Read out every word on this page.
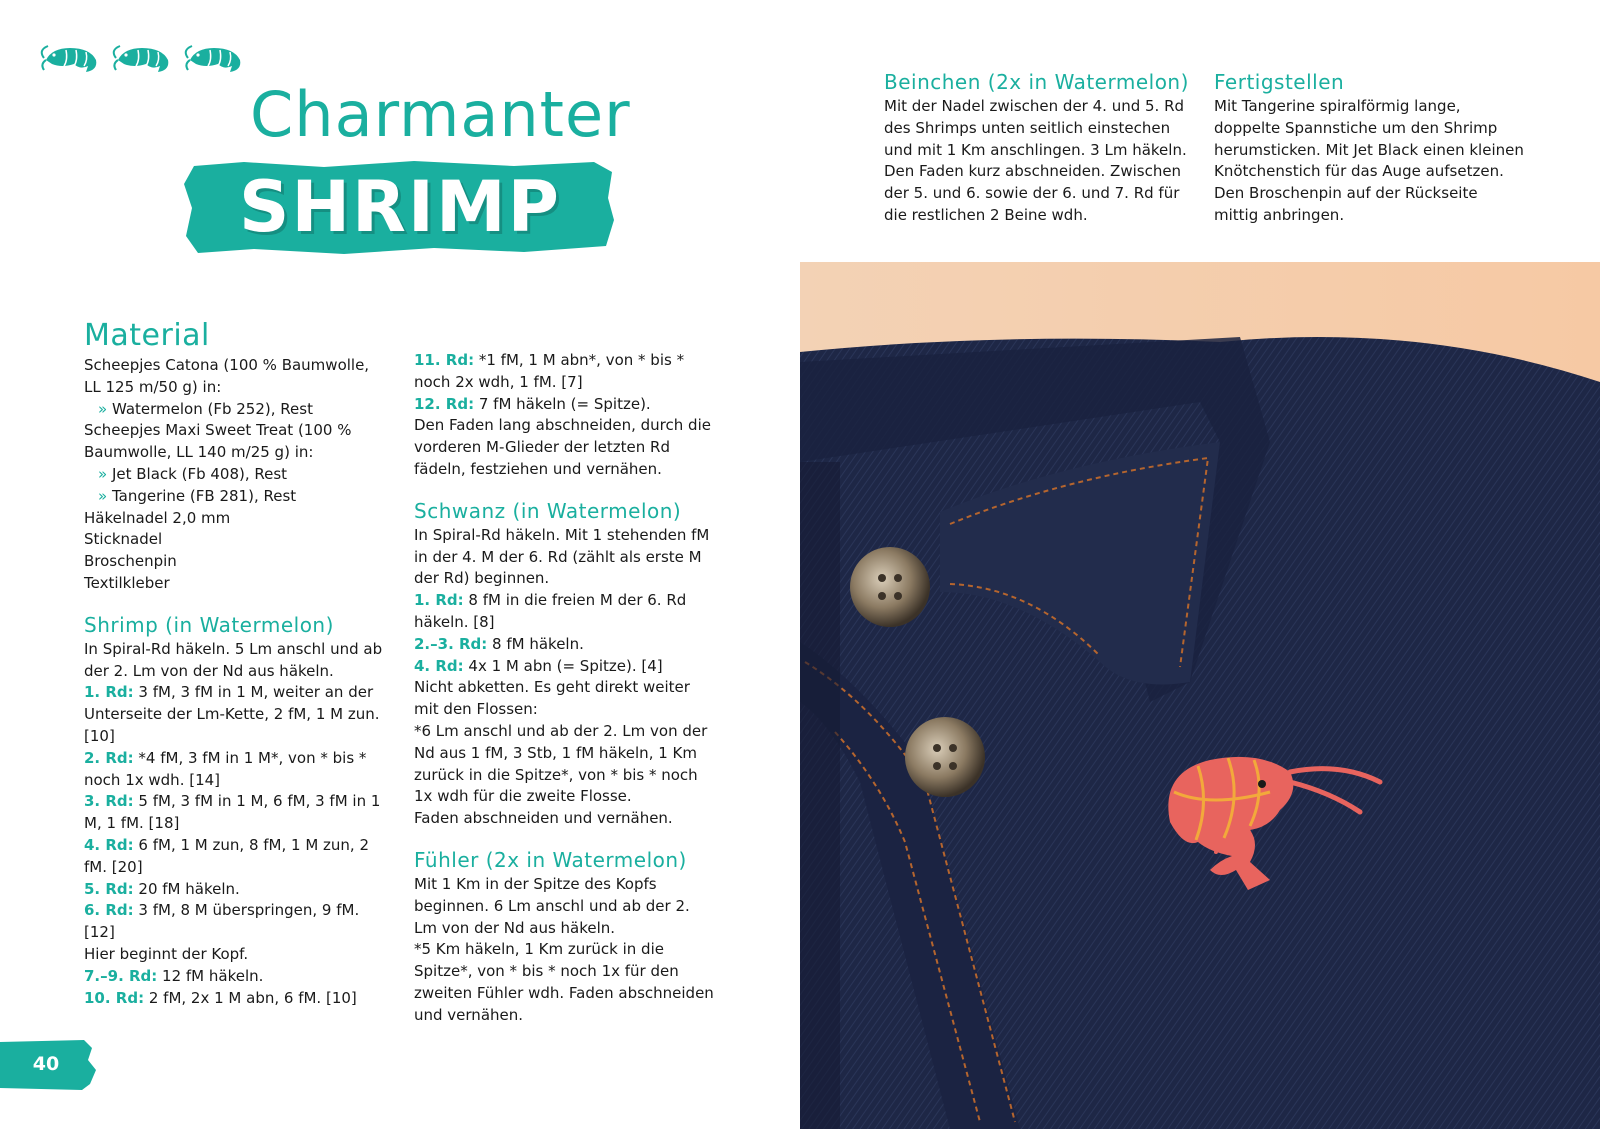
Charmanter
SHRIMP
Material

Scheepjes Catona (100 % Baumwolle, LL 125 m/50 g) in:

» Watermelon (Fb 252), Rest

Scheepjes Maxi Sweet Treat (100 % Baumwolle, LL 140 m/25 g) in:

» Jet Black (Fb 408), Rest

» Tangerine (FB 281), Rest

Häkelnadel 2,0 mm

Sticknadel

Broschenpin

Textilkleber

Shrimp (in Watermelon)

In Spiral-Rd häkeln. 5 Lm anschl und ab der 2. Lm von der Nd aus häkeln.

1. Rd: 3 fM, 3 fM in 1 M, weiter an der Unterseite der Lm-Kette, 2 fM, 1 M zun. [10]

2. Rd: *4 fM, 3 fM in 1 M*, von * bis * noch 1x wdh. [14]

3. Rd: 5 fM, 3 fM in 1 M, 6 fM, 3 fM in 1 M, 1 fM. [18]

4. Rd: 6 fM, 1 M zun, 8 fM, 1 M zun, 2 fM. [20]

5. Rd: 20 fM häkeln.

6. Rd: 3 fM, 8 M überspringen, 9 fM. [12]

Hier beginnt der Kopf.

7.–9. Rd: 12 fM häkeln.

10. Rd: 2 fM, 2x 1 M abn, 6 fM. [10]

11. Rd: *1 fM, 1 M abn*, von * bis * noch 2x wdh, 1 fM. [7]

12. Rd: 7 fM häkeln (= Spitze).

Den Faden lang abschneiden, durch die vorderen M-Glieder der letzten Rd fädeln, festziehen und vernähen.

Schwanz (in Watermelon)

In Spiral-Rd häkeln. Mit 1 stehenden fM in der 4. M der 6. Rd (zählt als erste M der Rd) beginnen.

1. Rd: 8 fM in die freien M der 6. Rd häkeln. [8]

2.–3. Rd: 8 fM häkeln.

4. Rd: 4x 1 M abn (= Spitze). [4]

Nicht abketten. Es geht direkt weiter mit den Flossen:

*6 Lm anschl und ab der 2. Lm von der Nd aus 1 fM, 3 Stb, 1 fM häkeln, 1 Km zurück in die Spitze*, von * bis * noch 1x wdh für die zweite Flosse.

Faden abschneiden und vernähen.

Fühler (2x in Watermelon)

Mit 1 Km in der Spitze des Kopfs beginnen. 6 Lm anschl und ab der 2. Lm von der Nd aus häkeln.

*5 Km häkeln, 1 Km zurück in die Spitze*, von * bis * noch 1x für den zweiten Fühler wdh. Faden abschneiden und vernähen.

Beinchen (2x in Watermelon)

Mit der Nadel zwischen der 4. und 5. Rd des Shrimps unten seitlich einstechen und mit 1 Km anschlingen. 3 Lm häkeln. Den Faden kurz abschneiden. Zwischen der 5. und 6. sowie der 6. und 7. Rd für die restlichen 2 Beine wdh.

Fertigstellen

Mit Tangerine spiralförmig lange, doppelte Spannstiche um den Shrimp herumsticken. Mit Jet Black einen kleinen Knötchenstich für das Auge aufsetzen. Den Broschenpin auf der Rückseite mittig anbringen.

40
